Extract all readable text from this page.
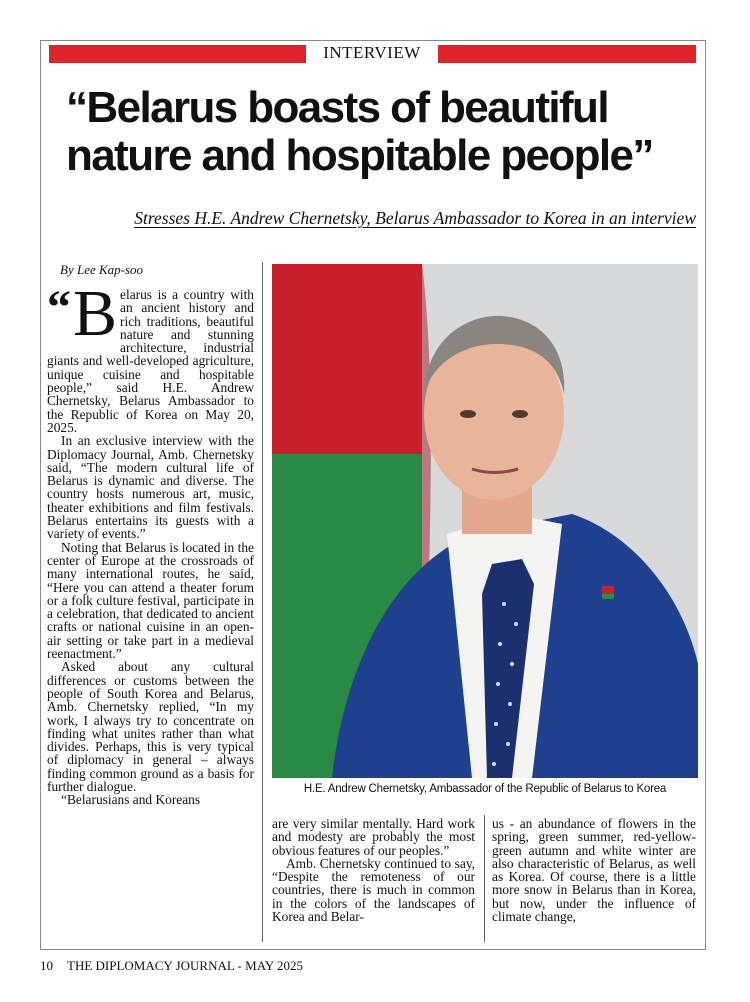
INTERVIEW
“Belarus boasts of beautiful nature and hospitable people”
Stresses H.E. Andrew Chernetsky, Belarus Ambassador to Korea in an interview
By Lee Kap-soo

“ B elarus is a country with an ancient history and rich traditions, beautiful nature and stunning architecture, industrial giants and well-developed agriculture, unique cuisine and hospitable people,” said H.E. Andrew Chernetsky, Belarus Ambassador to the Republic of Korea on May 20, 2025.

In an exclusive interview with the Diplomacy Journal, Amb. Chernetsky said, “The modern cultural life of Belarus is dynamic and diverse. The country hosts numerous art, music, theater exhibitions and film festivals. Belarus entertains its guests with a variety of events.”

Noting that Belarus is located in the center of Europe at the crossroads of many international routes, he said, “Here you can attend a theater forum or a folk culture festival, participate in a celebration, that dedicated to ancient crafts or national cuisine in an open-air setting or take part in a medieval reenactment.”

Asked about any cultural differences or customs between the people of South Korea and Belarus, Amb. Chernetsky replied, “In my work, I always try to concentrate on finding what unites rather than what divides. Perhaps, this is very typical of diplomacy in general – always finding common ground as a basis for further dialogue.

“Belarusians and Koreans

H.E. Andrew Chernetsky, Ambassador of the Republic of Belarus to Korea

are very similar mentally. Hard work and modesty are probably the most obvious features of our peoples.”

Amb. Chernetsky continued to say, “Despite the remoteness of our countries, there is much in common in the colors of the landscapes of Korea and Belar-

us - an abundance of flowers in the spring, green summer, red-yellow-green autumn and white winter are also characteristic of Belarus, as well as Korea. Of course, there is a little more snow in Belarus than in Korea, but now, under the influence of climate change,

10 THE DIPLOMACY JOURNAL - MAY 2025
